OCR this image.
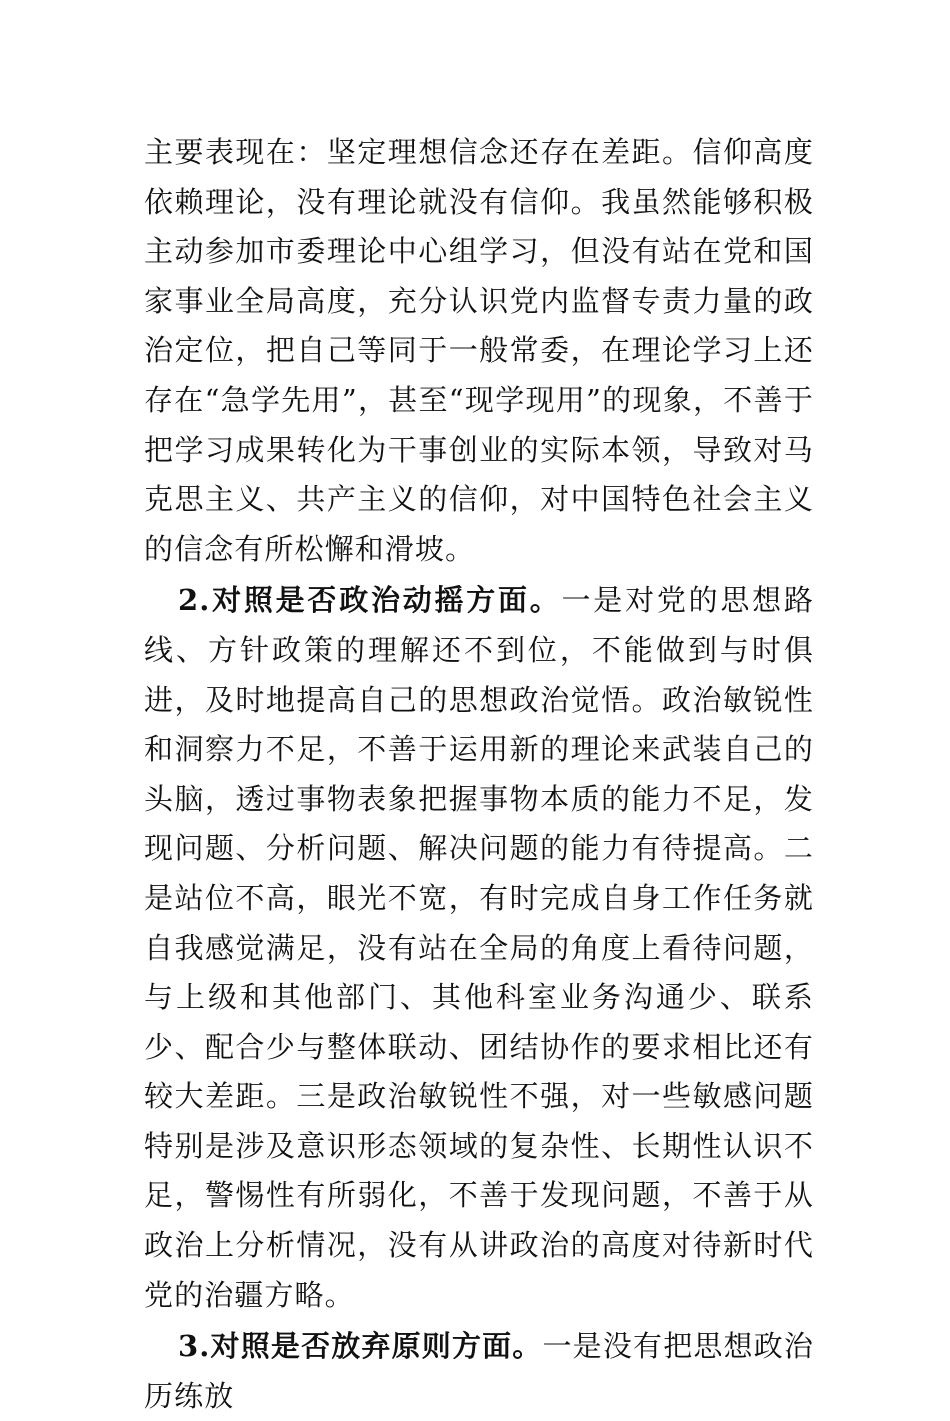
主要表现在：坚定理想信念还存在差距。信仰高度依赖理论，没有理论就没有信仰。我虽然能够积极主动参加市委理论中心组学习，但没有站在党和国家事业全局高度，充分认识党内监督专责力量的政治定位，把自己等同于一般常委，在理论学习上还存在“急学先用”，甚至“现学现用”的现象，不善于把学习成果转化为干事创业的实际本领，导致对马克思主义、共产主义的信仰，对中国特色社会主义的信念有所松懈和滑坡。

2.对照是否政治动摇方面。一是对党的思想路线、方针政策的理解还不到位，不能做到与时俱进，及时地提高自己的思想政治觉悟。政治敏锐性和洞察力不足，不善于运用新的理论来武装自己的头脑，透过事物表象把握事物本质的能力不足，发现问题、分析问题、解决问题的能力有待提高。二是站位不高，眼光不宽，有时完成自身工作任务就自我感觉满足，没有站在全局的角度上看待问题，与上级和其他部门、其他科室业务沟通少、联系少、配合少与整体联动、团结协作的要求相比还有较大差距。三是政治敏锐性不强，对一些敏感问题特别是涉及意识形态领域的复杂性、长期性认识不足，警惕性有所弱化，不善于发现问题，不善于从政治上分析情况，没有从讲政治的高度对待新时代党的治疆方略。

3.对照是否放弃原则方面。一是没有把思想政治历练放
